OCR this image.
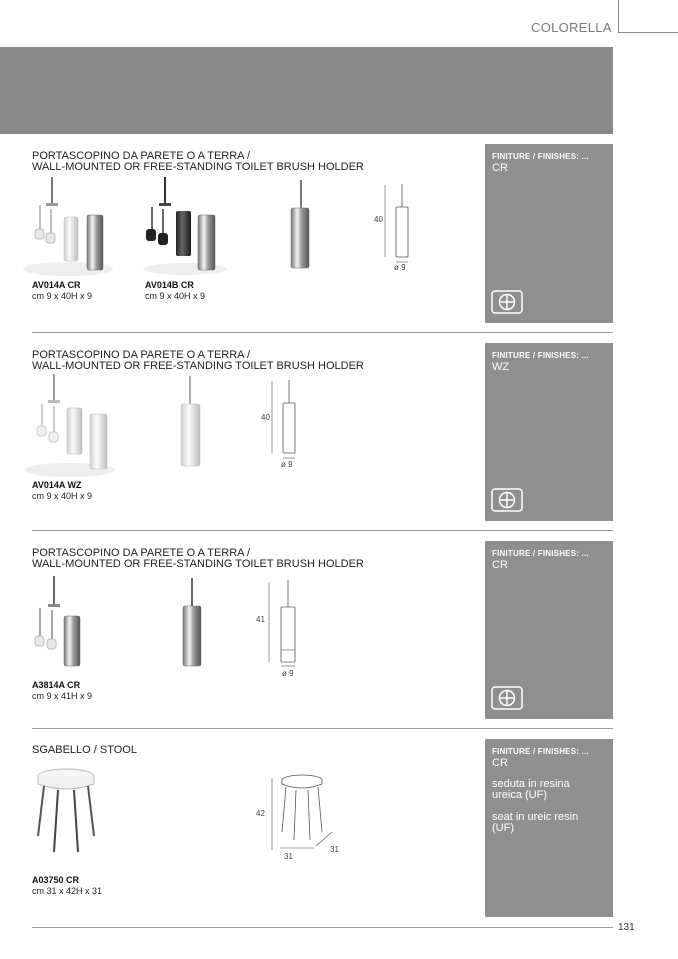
COLORELLA
PORTASCOPINO DA PARETE O A TERRA /
WALL-MOUNTED OR FREE-STANDING TOILET BRUSH HOLDER
40
ø 9
AV014A CR
cm 9 x 40H x 9
AV014B CR
cm 9 x 40H x 9
FINITURE / FINISHES: ...
CR
PORTASCOPINO DA PARETE O A TERRA /
WALL-MOUNTED OR FREE-STANDING TOILET BRUSH HOLDER
40
ø 9
AV014A WZ
cm 9 x 40H x 9
FINITURE / FINISHES: ...
WZ
PORTASCOPINO DA PARETE O A TERRA /
WALL-MOUNTED OR FREE-STANDING TOILET BRUSH HOLDER
41
ø 9
A3814A CR
cm 9 x 41H x 9
FINITURE / FINISHES: ...
CR
SGABELLO / STOOL
42
31
31
A03750 CR
cm 31 x 42H x 31
FINITURE / FINISHES: ...
CR
seduta in resina
ureica (UF)
seat in ureic resin
(UF)
131
